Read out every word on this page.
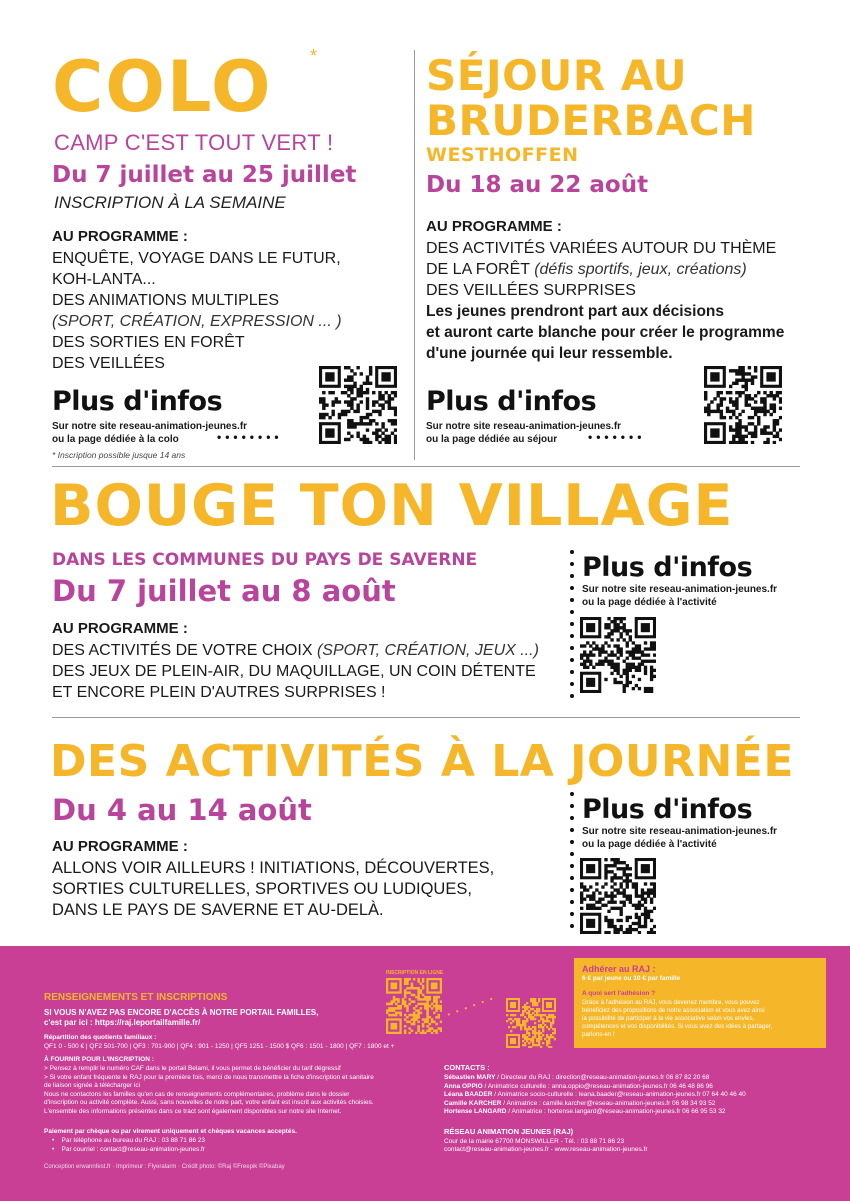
COLO *
CAMP C'EST TOUT VERT !
Du 7 juillet au 25 juillet
INSCRIPTION À LA SEMAINE
AU PROGRAMME :
ENQUÊTE, VOYAGE DANS LE FUTUR,
KOH-LANTA...
DES ANIMATIONS MULTIPLES
(SPORT, CRÉATION, EXPRESSION ... )
DES SORTIES EN FORÊT
DES VEILLÉES
Plus d'infos
Sur notre site reseau-animation-jeunes.fr
ou la page dédiée à la colo	••••••••
* Inscription possible jusque 14 ans
SÉJOUR AU
BRUDERBACH
WESTHOFFEN
Du 18 au 22 août
AU PROGRAMME :
DES ACTIVITÉS VARIÉES AUTOUR DU THÈME
DE LA FORÊT (défis sportifs, jeux, créations)
DES VEILLÉES SURPRISES
Les jeunes prendront part aux décisions
et auront carte blanche pour créer le programme
d'une journée qui leur ressemble.
Plus d'infos
Sur notre site reseau-animation-jeunes.fr
ou la page dédiée au séjour	•••••••
BOUGE TON VILLAGE
DANS LES COMMUNES DU PAYS DE SAVERNE
Du 7 juillet au 8 août
AU PROGRAMME :
DES ACTIVITÉS DE VOTRE CHOIX (SPORT, CRÉATION, JEUX ...)
DES JEUX DE PLEIN-AIR, DU MAQUILLAGE, UN COIN DÉTENTE
ET ENCORE PLEIN D'AUTRES SURPRISES !
Plus d'infos
Sur notre site reseau-animation-jeunes.fr
ou la page dédiée à l'activité
DES ACTIVITÉS À LA JOURNÉE
Du 4 au 14 août
AU PROGRAMME :
ALLONS VOIR AILLEURS ! INITIATIONS, DÉCOUVERTES,
SORTIES CULTURELLES, SPORTIVES OU LUDIQUES,
DANS LE PAYS DE SAVERNE ET AU-DELÀ.
Plus d'infos
Sur notre site reseau-animation-jeunes.fr
ou la page dédiée à l'activité
RENSEIGNEMENTS ET INSCRIPTIONS
SI VOUS N'AVEZ PAS ENCORE D'ACCÈS À NOTRE PORTAIL FAMILLES,
c'est par ici : https://raj.leportailfamille.fr/
Répartition des quotients familiaux :
QF1 0 - 500 € | QF2 501-700 | QF3 : 701-900 | QF4 : 901 - 1250 | QF5 1251 - 1500 $ QF6 : 1501 - 1800 | QF7 : 1800 et +
À FOURNIR POUR L'INSCRIPTION :
> Pensez à remplir le numéro CAF dans le portail Belami, il vous permet de bénéficier du tarif dégressif
> Si votre enfant fréquente le RAJ pour la première fois, merci de nous transmettre la fiche d'inscription et sanitaire
de liaison signée à télécharger ici
Nous ne contactons les familles qu'en cas de renseignements complémentaires, problème dans le dossier
d'inscription ou activité complète. Aussi, sans nouvelles de notre part, votre enfant est inscrit aux activités choisies.
L'ensemble des informations présentes dans ce tract sont également disponibles sur notre site Internet.
Paiement par chèque ou par virement uniquement et chèques vacances acceptés.
•    Par téléphone au bureau du RAJ : 03 88 71 86 23
•    Par courriel : contact@reseau-animation-jeunes.fr
Conception erwannfest.fr · Imprimeur : Flyeralarm · Crédit photo: ©Raj ©Freepik ©Pixabay
INSCRIPTION EN LIGNE
• • • • • •
Adhérer au RAJ :
6 € par jeune ou 10 € par famille
A quoi sert l'adhésion ?
Grâce à l'adhésion au RAJ, vous devenez membre, vous pouvez
bénéficiez des propositions de notre association et vous avez ainsi
la possibilité de participer à la vie associative selon vos envies,
compétences et vos disponibilités. Si vous avez des idées à partager,
parlons-en !
CONTACTS :
Sébastien MARY / Directeur du RAJ : direction@reseau-animation-jeunes.fr 06 87 82 20 68
Anna OPPIO / Animatrice culturelle : anna.oppio@reseau-animation-jeunes.fr 06 46 48 86 96
Léana BAADER / Animatrice socio-culturelle : leana.baader@reseau-animation-jeunes.fr 07 64 40 46 40
Camille KARCHER / Animatrice : camille.karcher@reseau-animation-jeunes.fr 06 98 34 93 52
Hortense LANGARD / Animatrice : hortense.langard@reseau-animation-jeunes.fr 06 66 95 53 32
RÉSEAU ANIMATION JEUNES (RAJ)
Cour de la mairie 67700 MONSWILLER - Tél. : 03 88 71 86 23
contact@reseau-animation-jeunes.fr - www.reseau-animation-jeunes.fr
